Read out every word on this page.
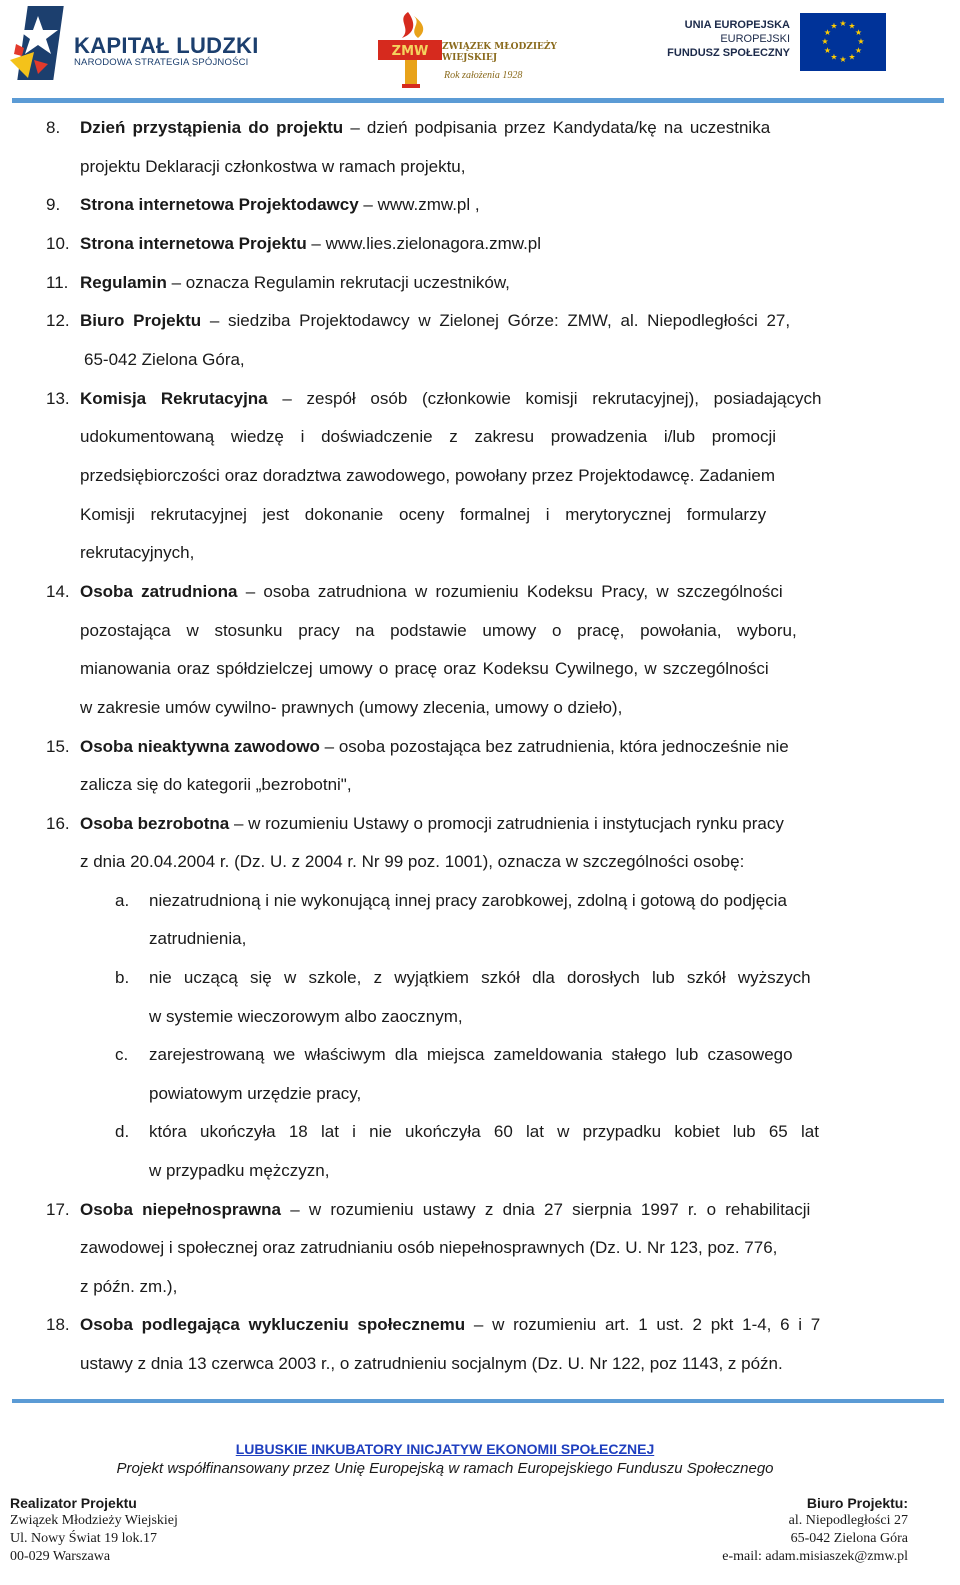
KAPITAŁ LUDZKI
NARODOWA STRATEGIA SPÓJNOŚCI
ZMW ZWIĄZEK MŁODZIEŻY WIEJSKIEJ
Rok założenia 1928
UNIA EUROPEJSKA
EUROPEJSKI
FUNDUSZ SPOŁECZNY
★ ★
★
★
★
★
★
★
★
★
★
★
8. Dzień przystąpienia do projektu – dzień podpisania przez Kandydata/kę na uczestnika
projektu Deklaracji członkostwa w ramach projektu,
9. Strona internetowa Projektodawcy – www.zmw.pl ,
10. Strona internetowa Projektu – www.lies.zielonagora.zmw.pl
11. Regulamin – oznacza Regulamin rekrutacji uczestników,
12. Biuro Projektu – siedziba Projektodawcy w Zielonej Górze: ZMW, al. Niepodległości 27,
65-042 Zielona Góra,
13. Komisja Rekrutacyjna – zespół osób (członkowie komisji rekrutacyjnej), posiadających
udokumentowaną wiedzę i doświadczenie z zakresu prowadzenia i/lub promocji
przedsiębiorczości oraz doradztwa zawodowego, powołany przez Projektodawcę. Zadaniem
Komisji rekrutacyjnej jest dokonanie oceny formalnej i merytorycznej formularzy
rekrutacyjnych,
14. Osoba zatrudniona – osoba zatrudniona w rozumieniu Kodeksu Pracy, w szczególności
pozostająca w stosunku pracy na podstawie umowy o pracę, powołania, wyboru,
mianowania oraz spółdzielczej umowy o pracę oraz Kodeksu Cywilnego, w szczególności
w zakresie umów cywilno- prawnych (umowy zlecenia, umowy o dzieło),
15. Osoba nieaktywna zawodowo – osoba pozostająca bez zatrudnienia, która jednocześnie nie
zalicza się do kategorii „bezrobotni",
16. Osoba bezrobotna – w rozumieniu Ustawy o promocji zatrudnienia i instytucjach rynku pracy
z dnia 20.04.2004 r. (Dz. U. z 2004 r. Nr 99 poz. 1001), oznacza w szczególności osobę:
a. niezatrudnioną i nie wykonującą innej pracy zarobkowej, zdolną i gotową do podjęcia
zatrudnienia,
b. nie uczącą się w szkole, z wyjątkiem szkół dla dorosłych lub szkół wyższych
w systemie wieczorowym albo zaocznym,
c. zarejestrowaną we właściwym dla miejsca zameldowania stałego lub czasowego
powiatowym urzędzie pracy,
d. która ukończyła 18 lat i nie ukończyła 60 lat w przypadku kobiet lub 65 lat
w przypadku mężczyzn,
17. Osoba niepełnosprawna – w rozumieniu ustawy z dnia 27 sierpnia 1997 r. o rehabilitacji
zawodowej i społecznej oraz zatrudnianiu osób niepełnosprawnych (Dz. U. Nr 123, poz. 776,
z późn. zm.),
18. Osoba podlegająca wykluczeniu społecznemu – w rozumieniu art. 1 ust. 2 pkt 1-4, 6 i 7
ustawy z dnia 13 czerwca 2003 r., o zatrudnieniu socjalnym (Dz. U. Nr 122, poz 1143, z późn.
LUBUSKIE INKUBATORY INICJATYW EKONOMII SPOŁECZNEJ
Projekt współfinansowany przez Unię Europejską w ramach Europejskiego Funduszu Społecznego
Realizator Projektu
Związek Młodzieży Wiejskiej
Ul. Nowy Świat 19 lok.17
00-029 Warszawa
Biuro Projektu:
al. Niepodległości 27
65-042 Zielona Góra
e-mail: adam.misiaszek@zmw.pl
